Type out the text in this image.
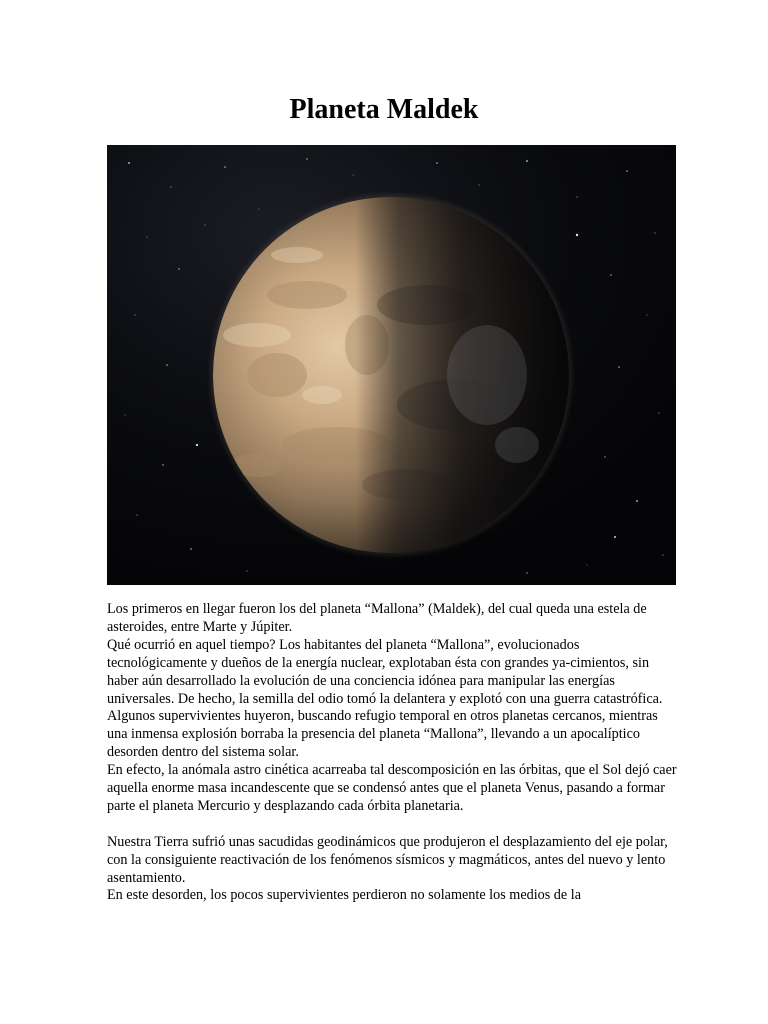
Planeta Maldek

Los primeros en llegar fueron los del planeta “Mallona” (Maldek), del cual queda una estela de asteroides, entre Marte y Júpiter.

Qué ocurrió en aquel tiempo? Los habitantes del planeta “Mallona”, evolucionados tecnológicamente y dueños de la energía nuclear, explotaban ésta con grandes ya-cimientos, sin haber aún desarrollado la evolución de una conciencia idónea para manipular las energías universales. De hecho, la semilla del odio tomó la delantera y explotó con una guerra catastrófica.

Algunos supervivientes huyeron, buscando refugio temporal en otros planetas cercanos, mientras una inmensa explosión borraba la presencia del planeta “Mallona”, llevando a un apocalíptico desorden dentro del sistema solar.

En efecto, la anómala astro cinética acarreaba tal descomposición en las órbitas, que el Sol dejó caer aquella enorme masa incandescente que se condensó antes que el planeta Venus, pasando a formar parte el planeta Mercurio y desplazando cada órbita planetaria.

Nuestra Tierra sufrió unas sacudidas geodinámicos que produjeron el desplazamiento del eje polar, con la consiguiente reactivación de los fenómenos sísmicos y magmáticos, antes del nuevo y lento asentamiento.

En este desorden, los pocos supervivientes perdieron no solamente los medios de la
